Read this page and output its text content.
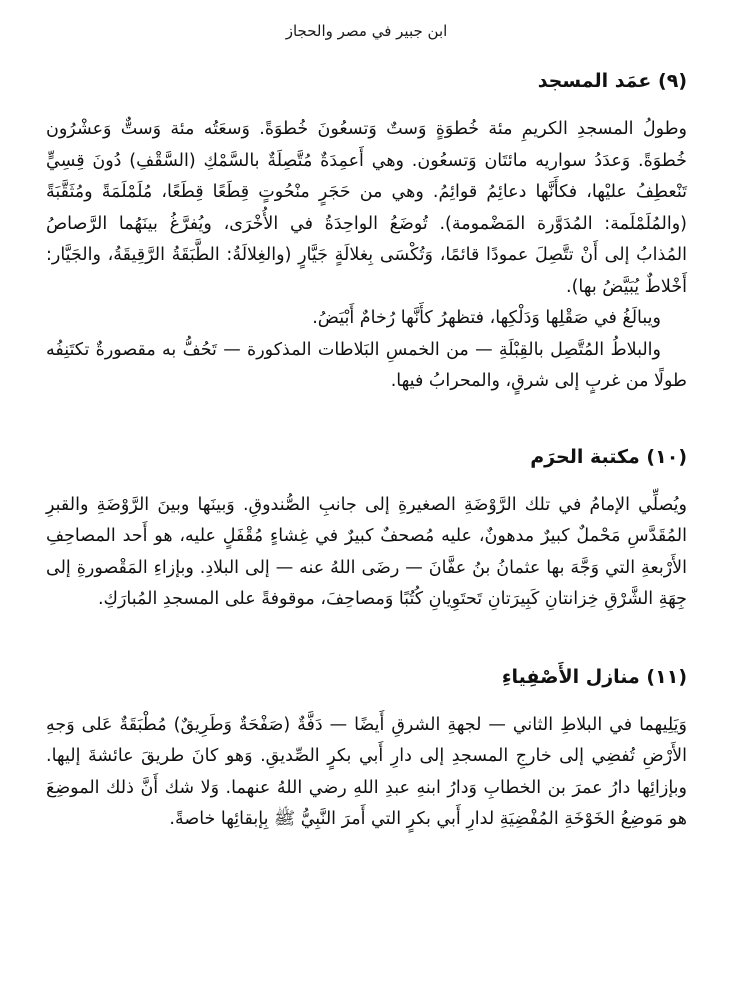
ابن جبير في مصر والحجاز
(٩) عمَد المسجد

وطولُ المسجدِ الكريمِ مئة خُطوَةٍ وَستٌ وَتسعُونَ خُطوَةً. وَسعَتُه مئة وَستٌّ وَعشْرُون خُطوَةً. وَعدَدُ سواريه مائتَان وَتسعُون. وهي أَعمِدَةٌ مُتَّصِلَةٌ بالسَّمْكِ (السَّقْفِ) دُونَ قِسِيٍّ تَنْعطِفُ عليْها، فكأَنَّها دعائِمُ قوائِمُ. وهي من حَجَرٍ منْحُوتٍ قِطَعًا قِطَعًا، مُلَمْلَمَةً ومُثَقَّبَةً (والمُلَمْلَمة: المُدَوَّرة المَضْمومة). تُوضَعُ الواحِدَةُ في الأُخْرَى، ويُفرَّغُ بينَهُما الرَّصاصُ المُذابُ إلى أَنْ تتَّصِلَ عمودًا قائمًا، وَتُكْسَى بِغلالَةٍ جَيَّارٍ (والغِلالَةُ: الطَّبَقَةُ الرَّقِيقَةُ، والجَيَّار: أَخْلاطٌ يُبَيَّضُ بها).

ويبالَغُ في صَقْلِها وَدَلْكِها، فتظهرُ كأَنَّها رُخامٌ أَبْيَضُ.

والبلاطُ المُتَّصِل بالقِبْلَةِ — من الخمسِ البَلاطات المذكورة — تَحُفُّ به مقصورةٌ تكتَنِفُه طولًا من غربٍ إلى شرقٍ، والمحرابُ فيها.

(١٠) مكتبة الحرَم

ويُصلِّي الإمامُ في تلك الرَّوْضَةِ الصغيرةِ إلى جانبِ الصُّندوقِ. وَبينَها وبينَ الرَّوْضَةِ والقبرِ المُقَدَّسِ مَحْملٌ كبيرٌ مدهونٌ، عليه مُصحفٌ كبيرٌ في غِشاءٍ مُقْفَلٍ عليه، هو أَحد المصاحِفِ الأَرْبعةِ التي وَجَّهَ بها عثمانُ بنُ عفَّانَ — رضَى اللهُ عنه — إلى البلادِ. وبإزاءِ المَقْصورةِ إلى جِهَةِ الشَّرْقِ خِزانتانِ كَبِيرَتانِ تَحتَوِيانِ كُتُبًا وَمصاحِفَ، موقوفةً على المسجدِ المُبارَكِ.

(١١) منازل الأَصْفِياءِ

وَيَلِيهما في البلاطِ الثاني — لجهةِ الشرقِ أَيضًا — دَفَّةٌ (صَفْحَةٌ وَطَرِيقٌ) مُطْبَقَةٌ عَلى وَجهِ الأَرْضِ تُفضِي إلى خارجِ المسجدِ إلى دارِ أَبي بكرٍ الصِّديقِ. وَهو كانَ طريقَ عائشةَ إليها. وبإزائِها دارُ عمرَ بن الخطابِ وَدارُ ابنهِ عبدِ اللهِ رضي اللهُ عنهما. وَلا شك أَنَّ ذلك الموضِعَ هو مَوضِعُ الخَوْخَةِ المُفْضِيَةِ لدارِ أَبي بكرٍ التي أَمرَ النَّبِيُّ ﷺ بِإبقائِها خاصةً.
